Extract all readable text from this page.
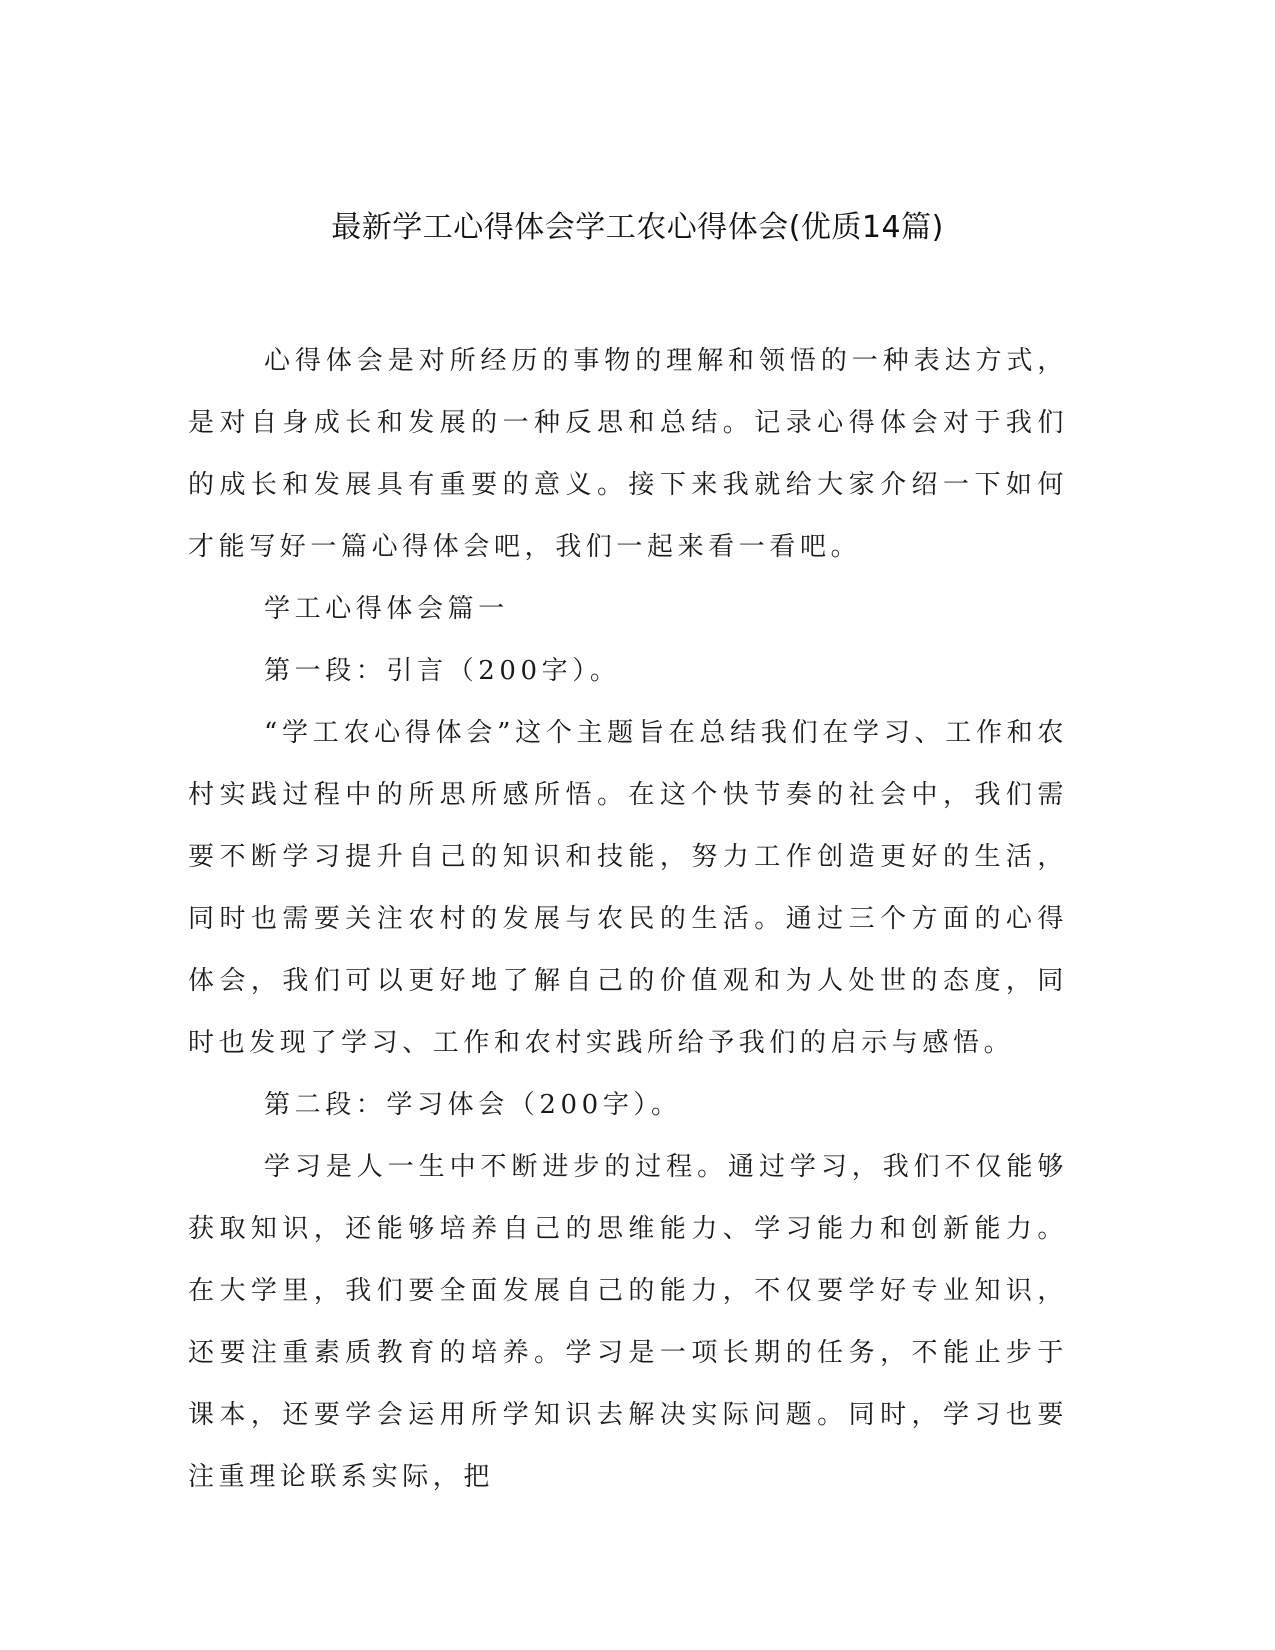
最新学工心得体会学工农心得体会(优质14篇)

心得体会是对所经历的事物的理解和领悟的一种表达方式，是对自身成长和发展的一种反思和总结。记录心得体会对于我们的成长和发展具有重要的意义。接下来我就给大家介绍一下如何才能写好一篇心得体会吧，我们一起来看一看吧。

学工心得体会篇一

第一段：引言（200字）。

“学工农心得体会”这个主题旨在总结我们在学习、工作和农村实践过程中的所思所感所悟。在这个快节奏的社会中，我们需要不断学习提升自己的知识和技能，努力工作创造更好的生活，同时也需要关注农村的发展与农民的生活。通过三个方面的心得体会，我们可以更好地了解自己的价值观和为人处世的态度，同时也发现了学习、工作和农村实践所给予我们的启示与感悟。

第二段：学习体会（200字）。

学习是人一生中不断进步的过程。通过学习，我们不仅能够获取知识，还能够培养自己的思维能力、学习能力和创新能力。在大学里，我们要全面发展自己的能力，不仅要学好专业知识，还要注重素质教育的培养。学习是一项长期的任务，不能止步于课本，还要学会运用所学知识去解决实际问题。同时，学习也要注重理论联系实际，把
